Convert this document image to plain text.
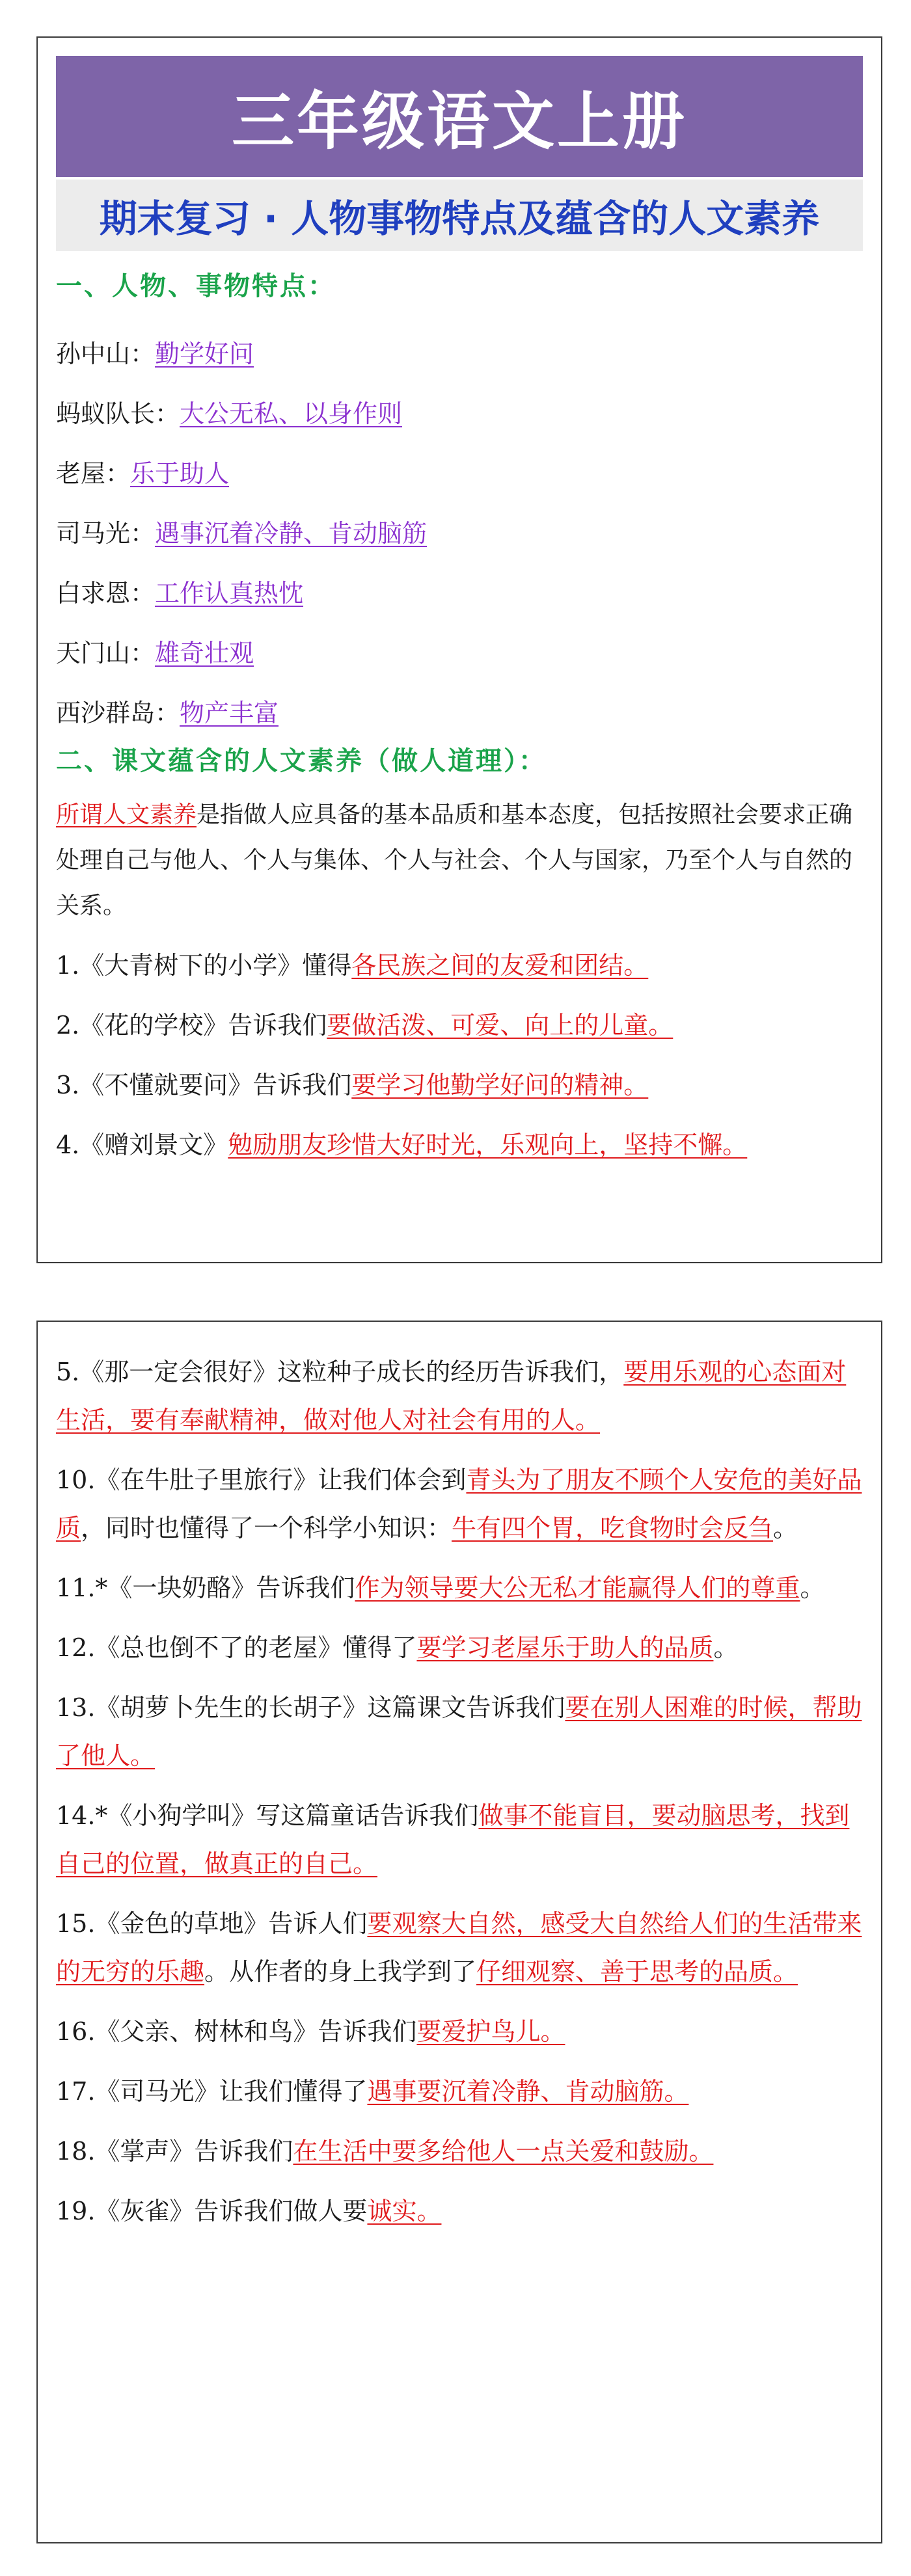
三年级语文上册
期末复习 · 人物事物特点及蕴含的人文素养
一、人物、事物特点：
孙中山：勤学好问
蚂蚁队长：大公无私、以身作则
老屋：乐于助人
司马光：遇事沉着冷静、肯动脑筋
白求恩：工作认真热忱
天门山：雄奇壮观
西沙群岛：物产丰富
二、课文蕴含的人文素养（做人道理）：

所谓人文素养是指做人应具备的基本品质和基本态度，包括按照社会要求正确处理自己与他人、个人与集体、个人与社会、个人与国家，乃至个人与自然的关系。

1.《大青树下的小学》懂得各民族之间的友爱和团结。
2.《花的学校》告诉我们要做活泼、可爱、向上的儿童。
3.《不懂就要问》告诉我们要学习他勤学好问的精神。
4.《赠刘景文》勉励朋友珍惜大好时光，乐观向上，坚持不懈。
5.《那一定会很好》这粒种子成长的经历告诉我们，要用乐观的心态面对生活，要有奉献精神，做对他人对社会有用的人。
10.《在牛肚子里旅行》让我们体会到青头为了朋友不顾个人安危的美好品质，同时也懂得了一个科学小知识：牛有四个胃，吃食物时会反刍。
11.*《一块奶酪》告诉我们作为领导要大公无私才能赢得人们的尊重。
12.《总也倒不了的老屋》懂得了要学习老屋乐于助人的品质。
13.《胡萝卜先生的长胡子》这篇课文告诉我们要在别人困难的时候，帮助了他人。
14.*《小狗学叫》写这篇童话告诉我们做事不能盲目，要动脑思考，找到自己的位置，做真正的自己。
15.《金色的草地》告诉人们要观察大自然，感受大自然给人们的生活带来的无穷的乐趣。从作者的身上我学到了仔细观察、善于思考的品质。
16.《父亲、树林和鸟》告诉我们要爱护鸟儿。
17.《司马光》让我们懂得了遇事要沉着冷静、肯动脑筋。
18.《掌声》告诉我们在生活中要多给他人一点关爱和鼓励。
19.《灰雀》告诉我们做人要诚实。
